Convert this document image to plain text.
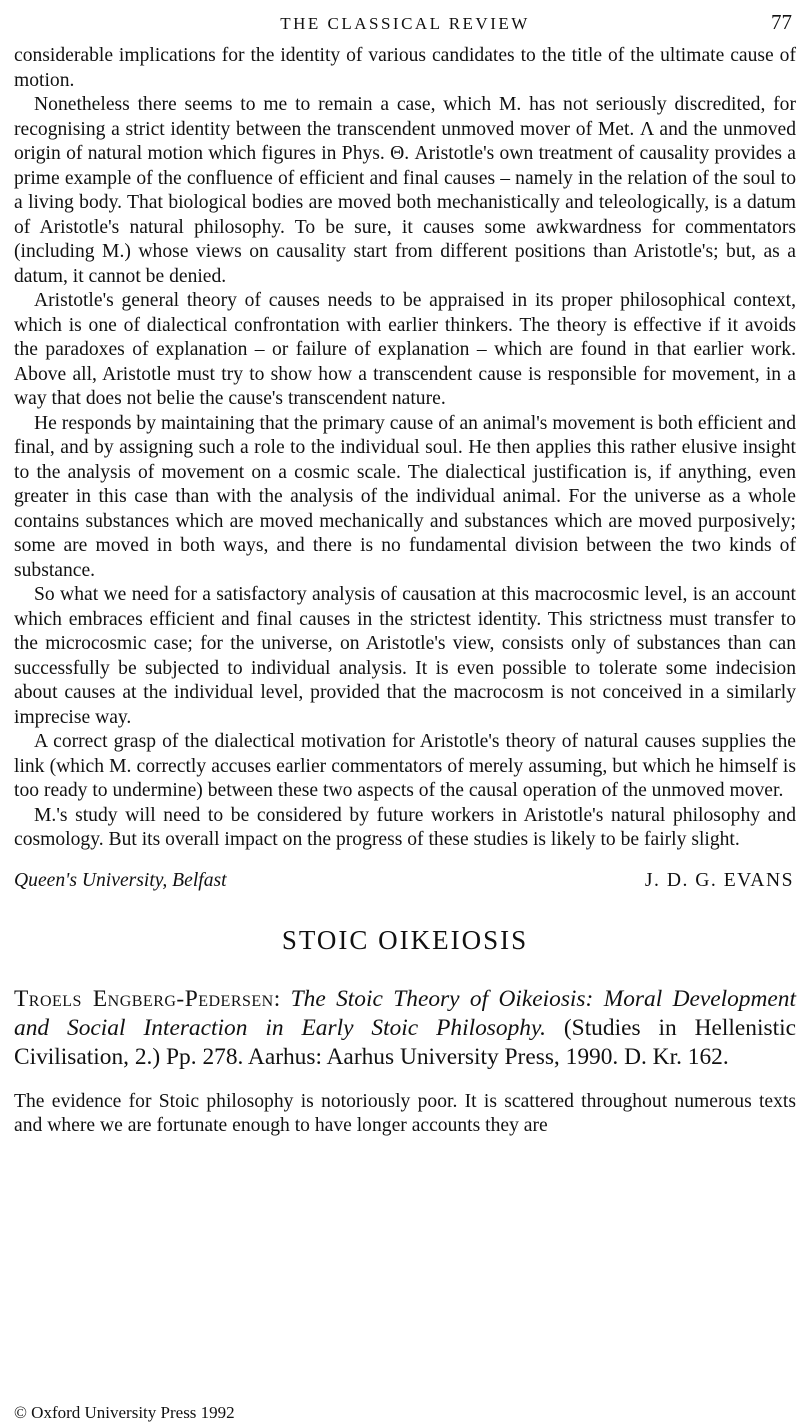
THE CLASSICAL REVIEW	77

considerable implications for the identity of various candidates to the title of the ultimate cause of motion.

Nonetheless there seems to me to remain a case, which M. has not seriously discredited, for recognising a strict identity between the transcendent unmoved mover of Met. Λ and the unmoved origin of natural motion which figures in Phys. Θ. Aristotle's own treatment of causality provides a prime example of the confluence of efficient and final causes – namely in the relation of the soul to a living body. That biological bodies are moved both mechanistically and teleologically, is a datum of Aristotle's natural philosophy. To be sure, it causes some awkwardness for commentators (including M.) whose views on causality start from different positions than Aristotle's; but, as a datum, it cannot be denied.

Aristotle's general theory of causes needs to be appraised in its proper philosophical context, which is one of dialectical confrontation with earlier thinkers. The theory is effective if it avoids the paradoxes of explanation – or failure of explanation – which are found in that earlier work. Above all, Aristotle must try to show how a transcendent cause is responsible for movement, in a way that does not belie the cause's transcendent nature.

He responds by maintaining that the primary cause of an animal's movement is both efficient and final, and by assigning such a role to the individual soul. He then applies this rather elusive insight to the analysis of movement on a cosmic scale. The dialectical justification is, if anything, even greater in this case than with the analysis of the individual animal. For the universe as a whole contains substances which are moved mechanically and substances which are moved purposively; some are moved in both ways, and there is no fundamental division between the two kinds of substance.

So what we need for a satisfactory analysis of causation at this macrocosmic level, is an account which embraces efficient and final causes in the strictest identity. This strictness must transfer to the microcosmic case; for the universe, on Aristotle's view, consists only of substances than can successfully be subjected to individual analysis. It is even possible to tolerate some indecision about causes at the individual level, provided that the macrocosm is not conceived in a similarly imprecise way.

A correct grasp of the dialectical motivation for Aristotle's theory of natural causes supplies the link (which M. correctly accuses earlier commentators of merely assuming, but which he himself is too ready to undermine) between these two aspects of the causal operation of the unmoved mover.

M.'s study will need to be considered by future workers in Aristotle's natural philosophy and cosmology. But its overall impact on the progress of these studies is likely to be fairly slight.

Queen's University, Belfast	J. D. G. EVANS
STOIC OIKEIOSIS
Troels Engberg-Pedersen: The Stoic Theory of Oikeiosis: Moral Development and Social Interaction in Early Stoic Philosophy. (Studies in Hellenistic Civilisation, 2.) Pp. 278. Aarhus: Aarhus University Press, 1990. D. Kr. 162.

The evidence for Stoic philosophy is notoriously poor. It is scattered throughout numerous texts and where we are fortunate enough to have longer accounts they are

© Oxford University Press 1992
